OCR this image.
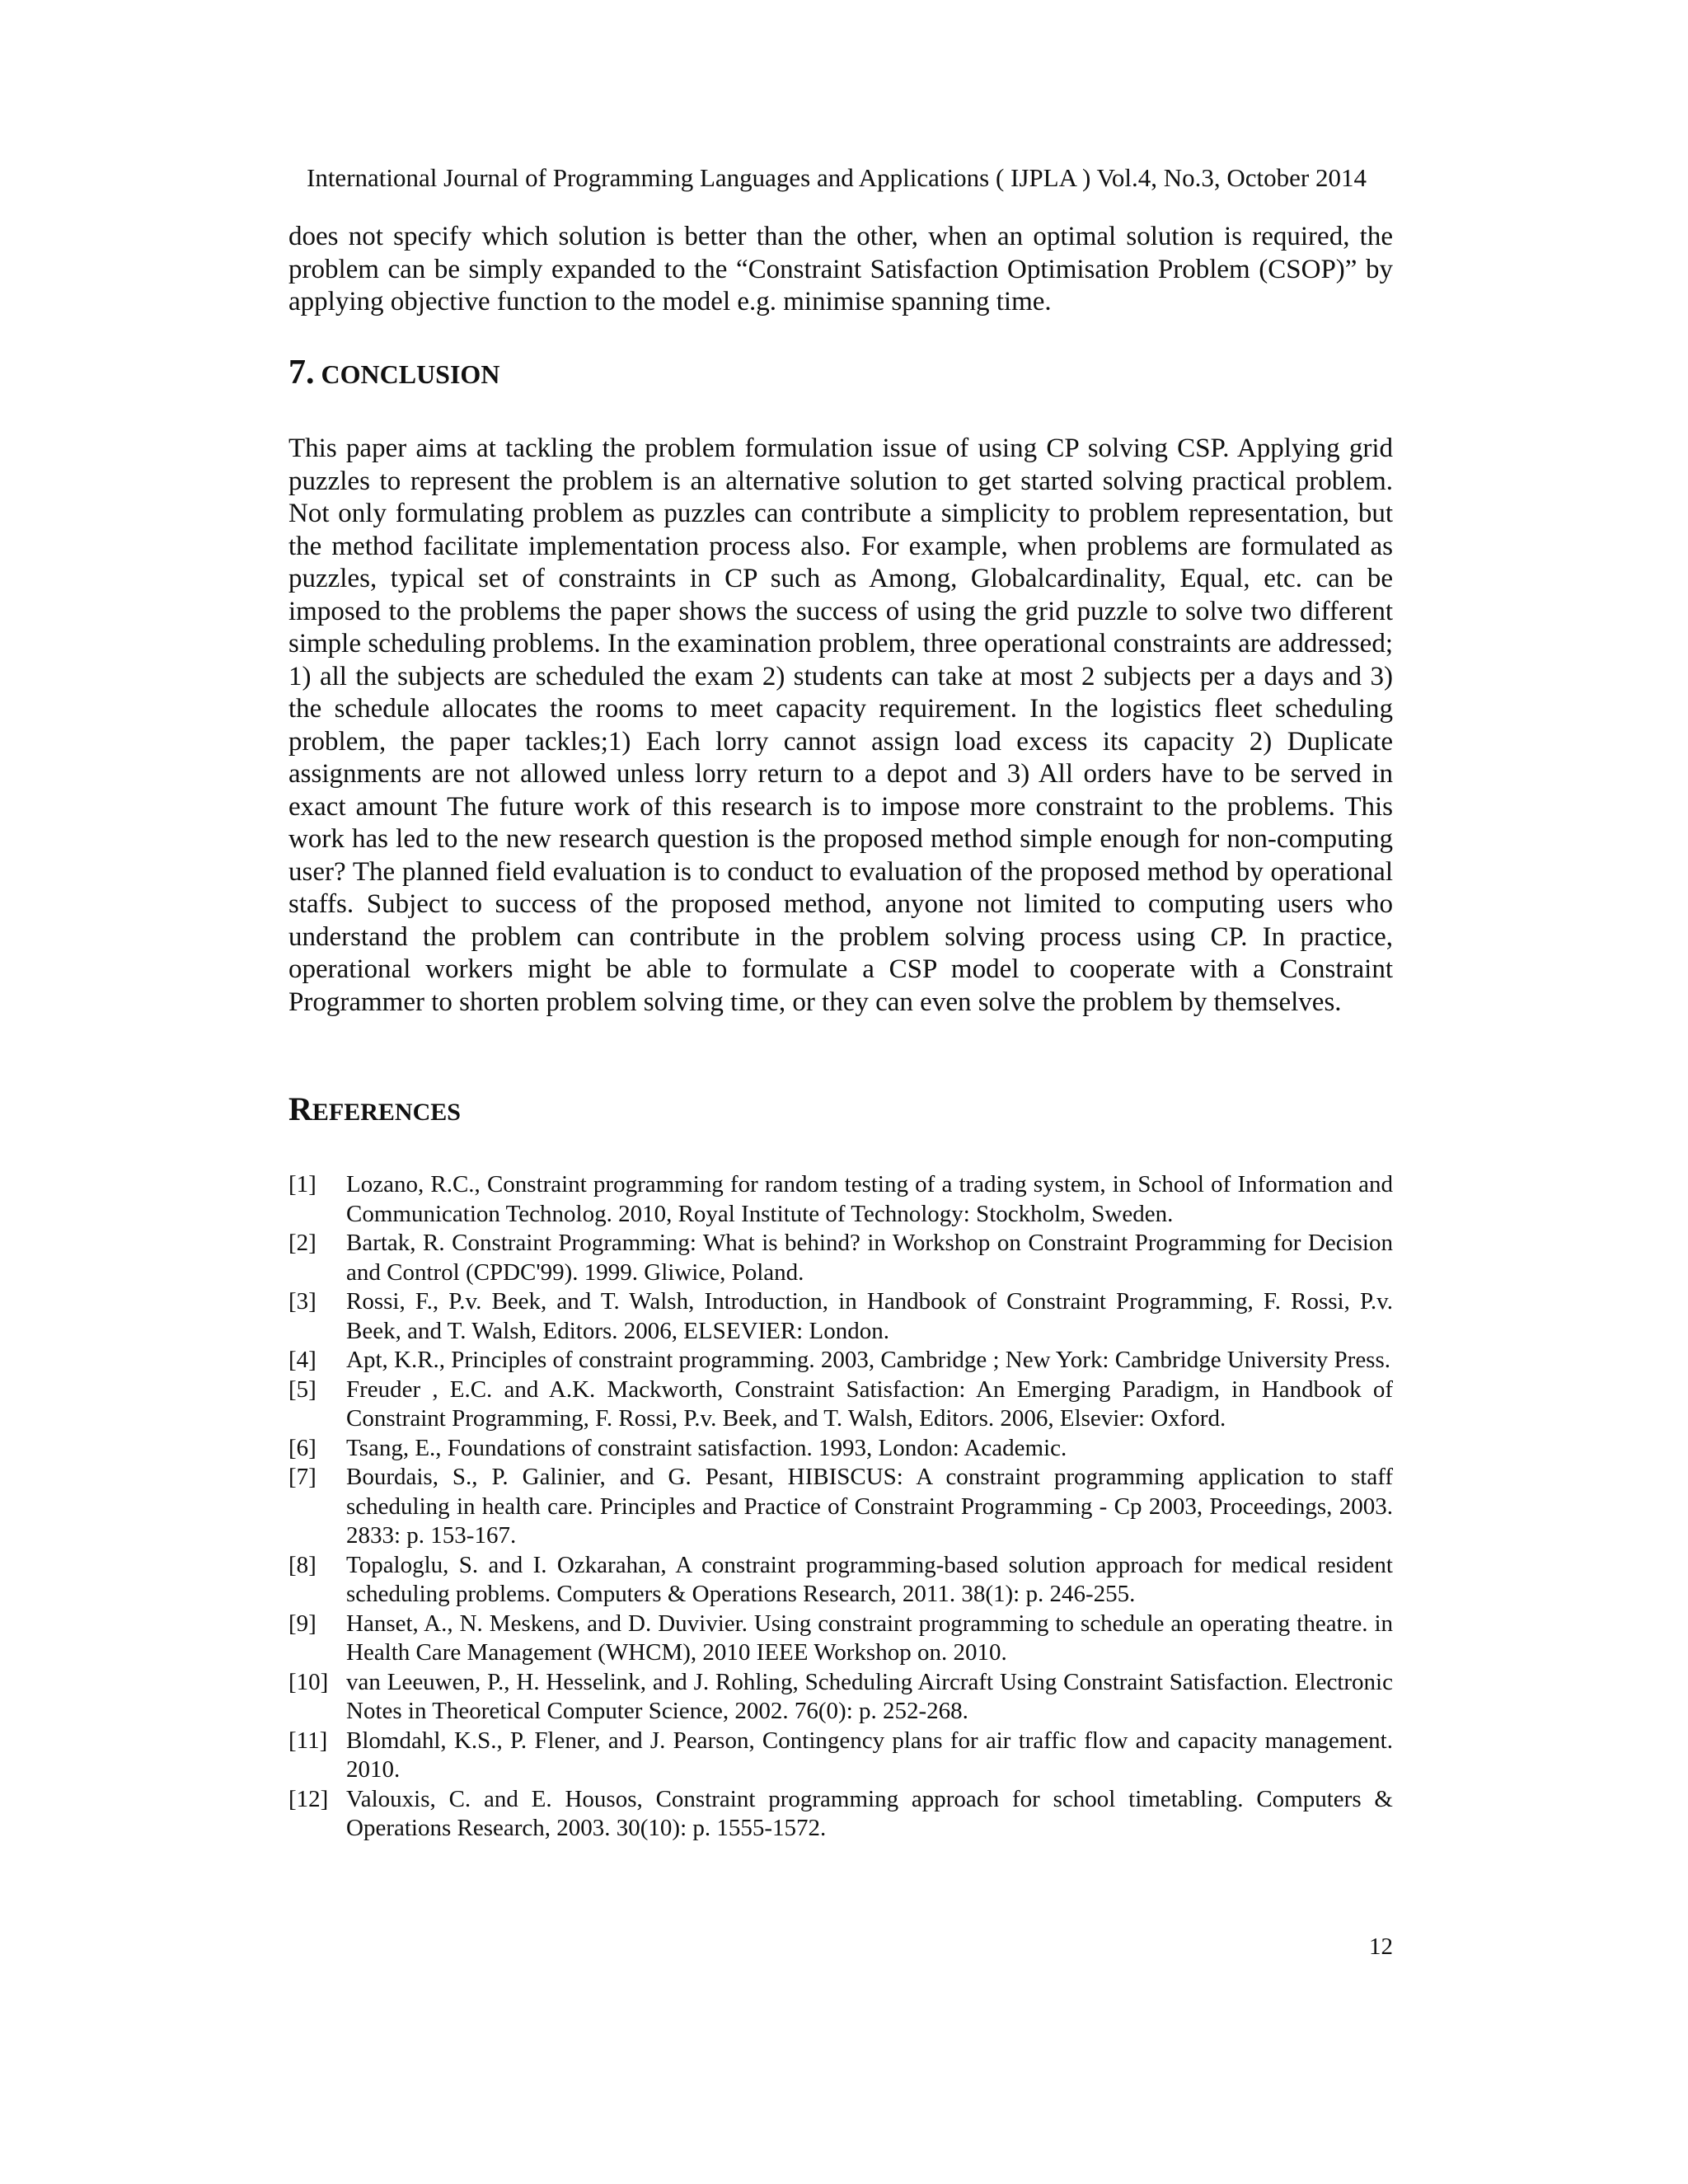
International Journal of Programming Languages and Applications ( IJPLA ) Vol.4, No.3, October 2014

does not specify which solution is better than the other, when an optimal solution is required, the problem can be simply expanded to the “Constraint Satisfaction Optimisation Problem (CSOP)” by applying objective function to the model e.g. minimise spanning time.

7. CONCLUSION

This paper aims at tackling the problem formulation issue of using CP solving CSP. Applying grid puzzles to represent the problem is an alternative solution to get started solving practical problem. Not only formulating problem as puzzles can contribute a simplicity to problem representation, but the method facilitate implementation process also. For example, when problems are formulated as puzzles, typical set of constraints in CP such as Among, Globalcardinality, Equal, etc. can be imposed to the problems the paper shows the success of using the grid puzzle to solve two different simple scheduling problems. In the examination problem, three operational constraints are addressed; 1) all the subjects are scheduled the exam 2) students can take at most 2 subjects per a days and 3) the schedule allocates the rooms to meet capacity requirement. In the logistics fleet scheduling problem, the paper tackles;1) Each lorry cannot assign load excess its capacity 2) Duplicate assignments are not allowed unless lorry return to a depot and 3) All orders have to be served in exact amount The future work of this research is to impose more constraint to the problems. This work has led to the new research question is the proposed method simple enough for non-computing user? The planned field evaluation is to conduct to evaluation of the proposed method by operational staffs. Subject to success of the proposed method, anyone not limited to computing users who understand the problem can contribute in the problem solving process using CP. In practice, operational workers might be able to formulate a CSP model to cooperate with a Constraint Programmer to shorten problem solving time, or they can even solve the problem by themselves.

REFERENCES
[1]	Lozano, R.C., Constraint programming for random testing of a trading system, in School of Information and Communication Technolog. 2010, Royal Institute of Technology: Stockholm, Sweden.
[2]	Bartak, R. Constraint Programming: What is behind? in Workshop on Constraint Programming for Decision and Control (CPDC'99). 1999. Gliwice, Poland.
[3]	Rossi, F., P.v. Beek, and T. Walsh, Introduction, in Handbook of Constraint Programming, F. Rossi, P.v. Beek, and T. Walsh, Editors. 2006, ELSEVIER: London.
[4]	Apt, K.R., Principles of constraint programming. 2003, Cambridge ; New York: Cambridge University Press.
[5]	Freuder , E.C. and A.K. Mackworth, Constraint Satisfaction: An Emerging Paradigm, in Handbook of Constraint Programming, F. Rossi, P.v. Beek, and T. Walsh, Editors. 2006, Elsevier: Oxford.
[6]	Tsang, E., Foundations of constraint satisfaction. 1993, London: Academic.
[7]	Bourdais, S., P. Galinier, and G. Pesant, HIBISCUS: A constraint programming application to staff scheduling in health care. Principles and Practice of Constraint Programming - Cp 2003, Proceedings, 2003. 2833: p. 153-167.
[8]	Topaloglu, S. and I. Ozkarahan, A constraint programming-based solution approach for medical resident scheduling problems. Computers & Operations Research, 2011. 38(1): p. 246-255.
[9]	Hanset, A., N. Meskens, and D. Duvivier. Using constraint programming to schedule an operating theatre. in Health Care Management (WHCM), 2010 IEEE Workshop on. 2010.
[10] van Leeuwen, P., H. Hesselink, and J. Rohling, Scheduling Aircraft Using Constraint Satisfaction. Electronic Notes in Theoretical Computer Science, 2002. 76(0): p. 252-268.
[11] Blomdahl, K.S., P. Flener, and J. Pearson, Contingency plans for air traffic flow and capacity management. 2010.
[12] Valouxis, C. and E. Housos, Constraint programming approach for school timetabling. Computers & Operations Research, 2003. 30(10): p. 1555-1572.
12
